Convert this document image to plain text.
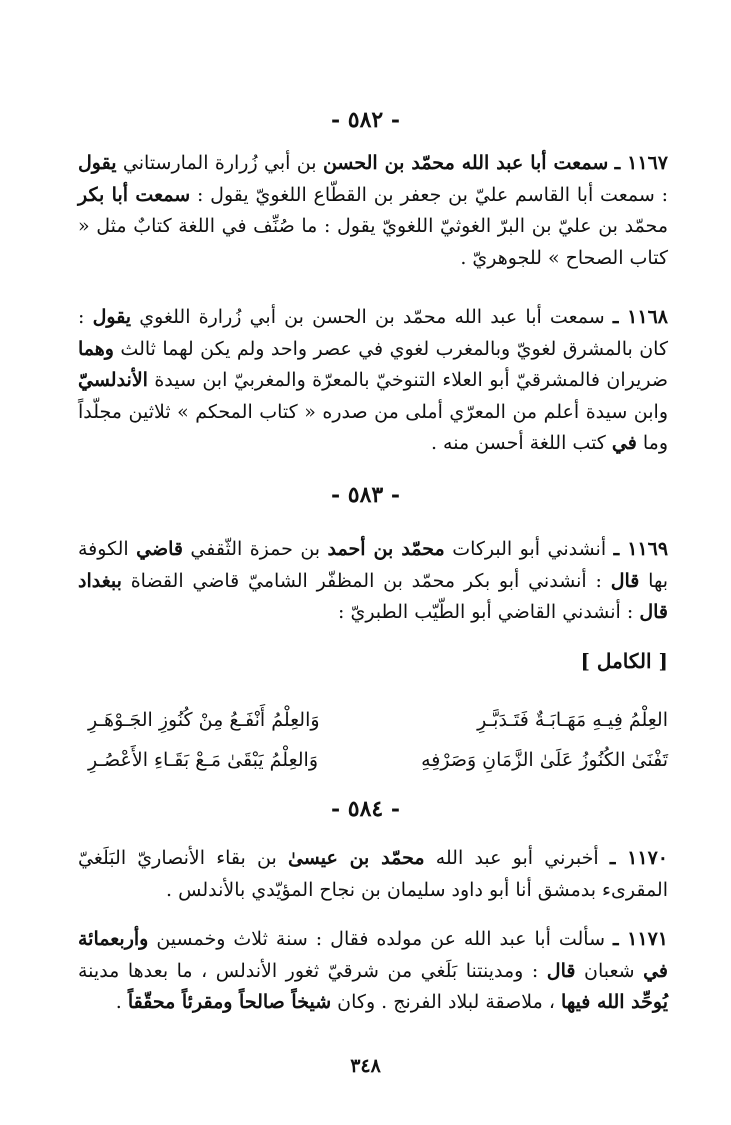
- ٥٨٢ -
١١٦٧ ـ سمعت أبا عبد الله محمّد بن الحسن بن أبي زُرارة المارستاني يقول : سمعت أبا القاسم عليّ بن جعفر بن القطّاع اللغويّ يقول : سمعت أبا بكر محمّد بن عليّ بن البرّ الغوثيّ اللغويّ يقول : ما صُنِّف في اللغة كتابٌ مثل « كتاب الصحاح » للجوهريّ .
١١٦٨ ـ سمعت أبا عبد الله محمّد بن الحسن بن أبي زُرارة اللغوي يقول : كان بالمشرق لغويّ وبالمغرب لغوي في عصر واحد ولم يكن لهما ثالث وهما ضريران فالمشرقيّ أبو العلاء التنوخيّ بالمعرّة والمغربيّ ابن سيدة الأندلسيّ وابن سيدة أعلم من المعرّي أملى من صدره « كتاب المحكم » ثلاثين مجلّداً وما في كتب اللغة أحسن منه .
- ٥٨٣ -
١١٦٩ ـ أنشدني أبو البركات محمّد بن أحمد بن حمزة الثّقفي قاضي الكوفة بها قال : أنشدني أبو بكر محمّد بن المظفّر الشاميّ قاضي القضاة ببغداد قال : أنشدني القاضي أبو الطّيّب الطبريّ :
[ الكامل ]
العِلْمُ فِيـهِ مَهَـابَـةٌ فَتَـدَبَّـرِ
وَالعِلْمُ أَنْفَـعُ مِنْ كُنُوزِ الجَـوْهَـرِ
تَفْنَىٰ الكُنُوزُ عَلَىٰ الزَّمَانِ وَصَرْفِهِ
وَالعِلْمُ يَبْقَىٰ مَـعْ بَقَـاءِ الأَعْصُـرِ
- ٥٨٤ -
١١٧٠ ـ أخبرني أبو عبد الله محمّد بن عيسىٰ بن بقاء الأنصاريّ البَلَغيّ المقرىء بدمشق أنا أبو داود سليمان بن نجاح المؤيّدي بالأندلس .
١١٧١ ـ سألت أبا عبد الله عن مولده فقال : سنة ثلاث وخمسين وأربعمائة في شعبان قال : ومدينتنا بَلَغي من شرقيّ ثغور الأندلس ، ما بعدها مدينة يُوحِّد الله فيها ، ملاصقة لبلاد الفرنج . وكان شيخاً صالحاً ومقرئاً محقّقاً .
٣٤٨
